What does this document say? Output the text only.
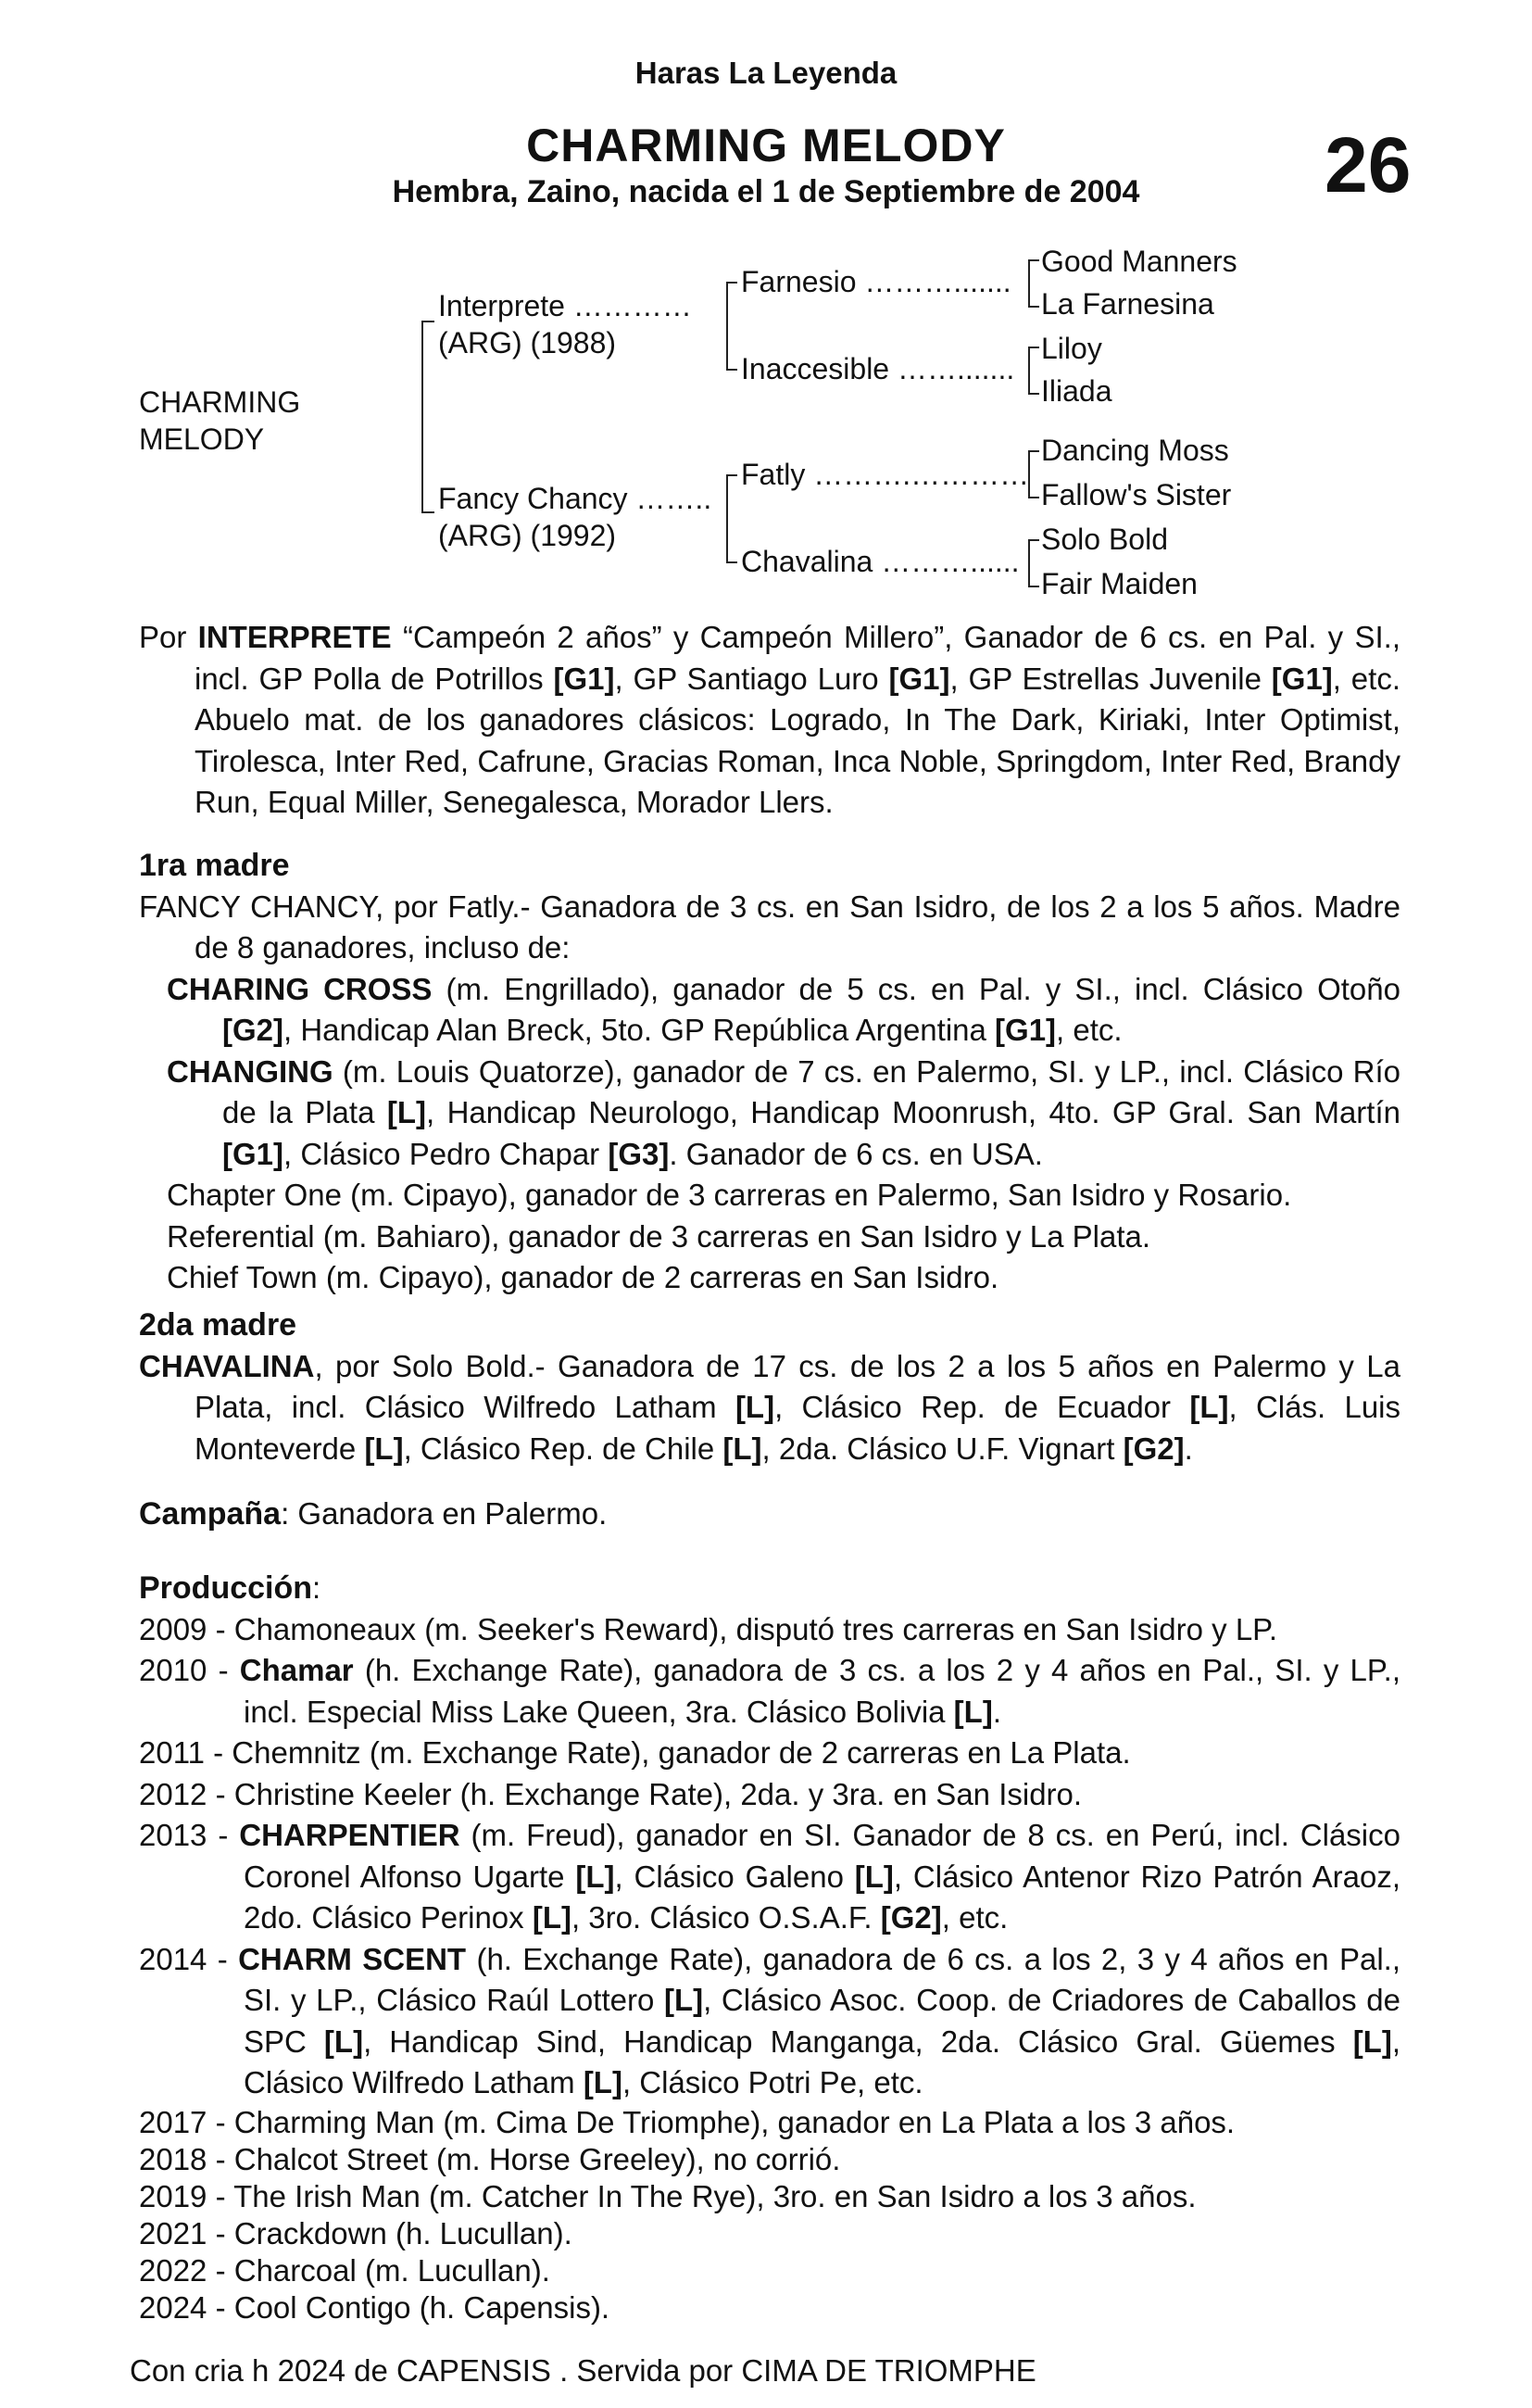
Haras La Leyenda
CHARMING MELODY
Hembra, Zaino, nacida el 1 de Septiembre de 2004	26
CHARMING
MELODY
Interprete …………
(ARG) (1988)
Fancy Chancy ……..
(ARG) (1992)
Farnesio ……….......
Inaccesible …….......
Fatly ……….…………
Chavalina ………......
Good Manners
La Farnesina
Liloy
Iliada
Dancing Moss
Fallow's Sister
Solo Bold
Fair Maiden

Por INTERPRETE “Campeón 2 años” y Campeón Millero”, Ganador de 6 cs. en Pal. y SI., incl. GP Polla de Potrillos [G1], GP Santiago Luro [G1], GP Estrellas Juvenile [G1], etc. Abuelo mat. de los ganadores clásicos: Logrado, In The Dark, Kiriaki, Inter Optimist, Tirolesca, Inter Red, Cafrune, Gracias Roman, Inca Noble, Springdom, Inter Red, Brandy Run, Equal Miller, Senegalesca, Morador Llers.

1ra madre

FANCY CHANCY, por Fatly.- Ganadora de 3 cs. en San Isidro, de los 2 a los 5 años. Madre de 8 ganadores, incluso de:

CHARING CROSS (m. Engrillado), ganador de 5 cs. en Pal. y SI., incl. Clásico Otoño [G2], Handicap Alan Breck, 5to. GP República Argentina [G1], etc.

CHANGING (m. Louis Quatorze), ganador de 7 cs. en Palermo, SI. y LP., incl. Clásico Río de la Plata [L], Handicap Neurologo, Handicap Moonrush, 4to. GP Gral. San Martín [G1], Clásico Pedro Chapar [G3]. Ganador de 6 cs. en USA.

Chapter One (m. Cipayo), ganador de 3 carreras en Palermo, San Isidro y Rosario.

Referential (m. Bahiaro), ganador de 3 carreras en San Isidro y La Plata.

Chief Town (m. Cipayo), ganador de 2 carreras en San Isidro.

2da madre

CHAVALINA, por Solo Bold.- Ganadora de 17 cs. de los 2 a los 5 años en Palermo y La Plata, incl. Clásico Wilfredo Latham [L], Clásico Rep. de Ecuador [L], Clás. Luis Monteverde [L], Clásico Rep. de Chile [L], 2da. Clásico U.F. Vignart [G2].

Campaña: Ganadora en Palermo.
Producción:

2009 - Chamoneaux (m. Seeker's Reward), disputó tres carreras en San Isidro y LP.

2010 - Chamar (h. Exchange Rate), ganadora de 3 cs. a los 2 y 4 años en Pal., SI. y LP., incl. Especial Miss Lake Queen, 3ra. Clásico Bolivia [L].

2011 - Chemnitz (m. Exchange Rate), ganador de 2 carreras en La Plata.

2012 - Christine Keeler (h. Exchange Rate), 2da. y 3ra. en San Isidro.

2013 - CHARPENTIER (m. Freud), ganador en SI. Ganador de 8 cs. en Perú, incl. Clásico Coronel Alfonso Ugarte [L], Clásico Galeno [L], Clásico Antenor Rizo Patrón Araoz, 2do. Clásico Perinox [L], 3ro. Clásico O.S.A.F. [G2], etc.

2014 - CHARM SCENT (h. Exchange Rate), ganadora de 6 cs. a los 2, 3 y 4 años en Pal., SI. y LP., Clásico Raúl Lottero [L], Clásico Asoc. Coop. de Criadores de Caballos de SPC [L], Handicap Sind, Handicap Manganga, 2da. Clásico Gral. Güemes [L], Clásico Wilfredo Latham [L], Clásico Potri Pe, etc.

2017 - Charming Man (m. Cima De Triomphe), ganador en La Plata a los 3 años.

2018 - Chalcot Street (m. Horse Greeley), no corrió.

2019 - The Irish Man (m. Catcher In The Rye), 3ro. en San Isidro a los 3 años.

2021 - Crackdown (h. Lucullan).

2022 - Charcoal (m. Lucullan).

2024 - Cool Contigo (h. Capensis).

Con cria h 2024 de CAPENSIS . Servida por CIMA DE TRIOMPHE
